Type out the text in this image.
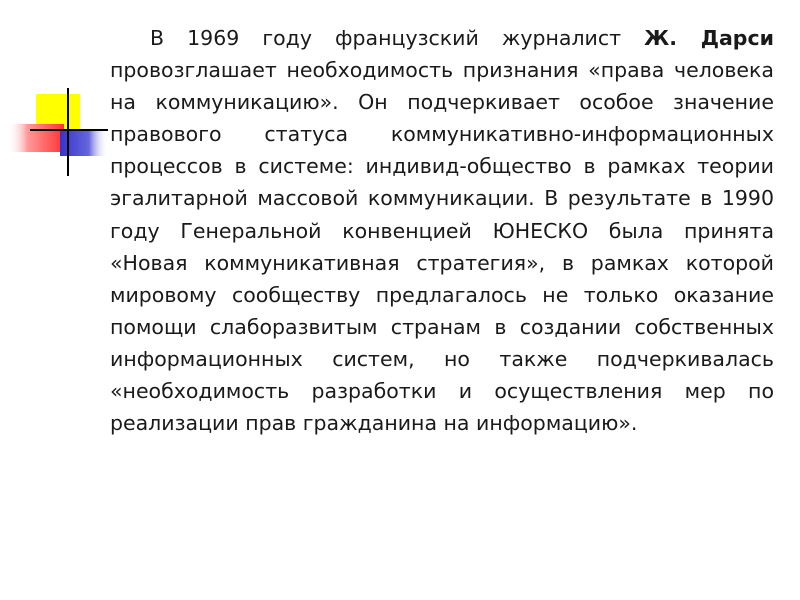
В 1969 году французский журналист Ж. Дарси провозглашает необходимость признания «права человека на коммуникацию». Он подчеркивает особое значение правового статуса коммуникативно-информационных процессов в системе: индивид-общество в рамках теории эгалитарной массовой коммуникации. В результате в 1990 году Генеральной конвенцией ЮНЕСКО была принята «Новая коммуникативная стратегия», в рамках которой мировому сообществу предлагалось не только оказание помощи слаборазвитым странам в создании собственных информационных систем, но также подчеркивалась «необходимость разработки и осуществления мер по реализации прав гражданина на информацию».
